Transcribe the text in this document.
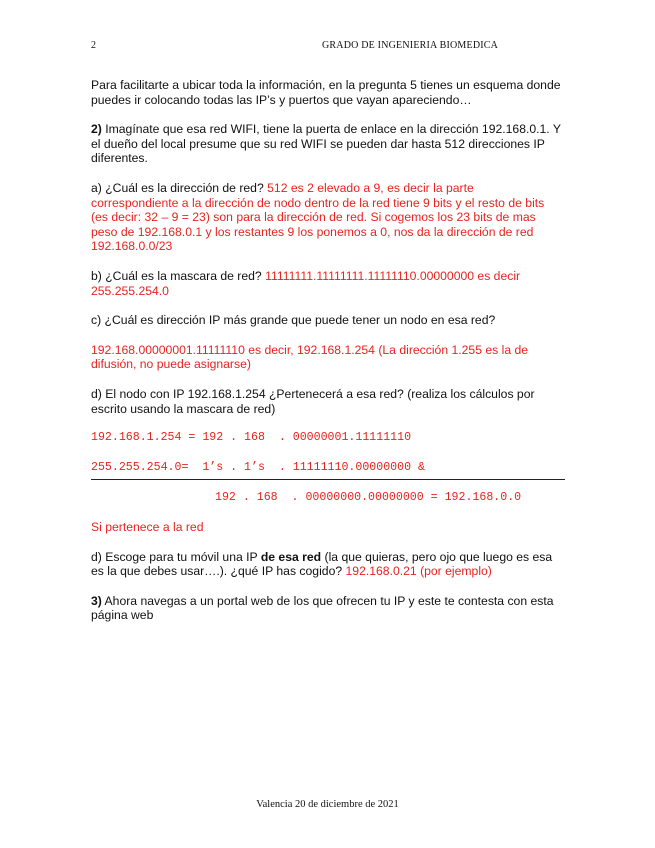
2	GRADO DE INGENIERIA BIOMEDICA

Para facilitarte a ubicar toda la información, en la pregunta 5 tienes un esquema donde puedes ir colocando todas las IP’s y puertos que vayan apareciendo…

2) Imagínate que esa red WIFI, tiene la puerta de enlace en la dirección 192.168.0.1. Y el dueño del local presume que su red WIFI se pueden dar hasta 512 direcciones IP diferentes.

a) ¿Cuál es la dirección de red? 512 es 2 elevado a 9, es decir la parte correspondiente a la dirección de nodo dentro de la red tiene 9 bits y el resto de bits (es decir: 32 – 9 = 23) son para la dirección de red. Si cogemos los 23 bits de mas peso de 192.168.0.1 y los restantes 9 los ponemos a 0, nos da la dirección de red 192.168.0.0/23

b) ¿Cuál es la mascara de red? 11111111.11111111.11111110.00000000 es decir 255.255.254.0

c) ¿Cuál es dirección IP más grande que puede tener un nodo en esa red?

192.168.00000001.11111110 es decir, 192.168.1.254 (La dirección 1.255 es la de difusión, no puede asignarse)

d) El nodo con IP 192.168.1.254 ¿Pertenecerá a esa red? (realiza los cálculos por escrito usando la mascara de red)

192.168.1.254 = 192 . 168  . 00000001.11111110
255.255.254.0=  1’s . 1’s  . 11111110.00000000 &
192 . 168  . 00000000.00000000 = 192.168.0.0

Si pertenece a la red

d) Escoge para tu móvil una IP de esa red (la que quieras, pero ojo que luego es esa es la que debes usar….). ¿qué IP has cogido? 192.168.0.21 (por ejemplo)

3) Ahora navegas a un portal web de los que ofrecen tu IP y este te contesta con esta página web

Valencia 20 de diciembre de 2021
